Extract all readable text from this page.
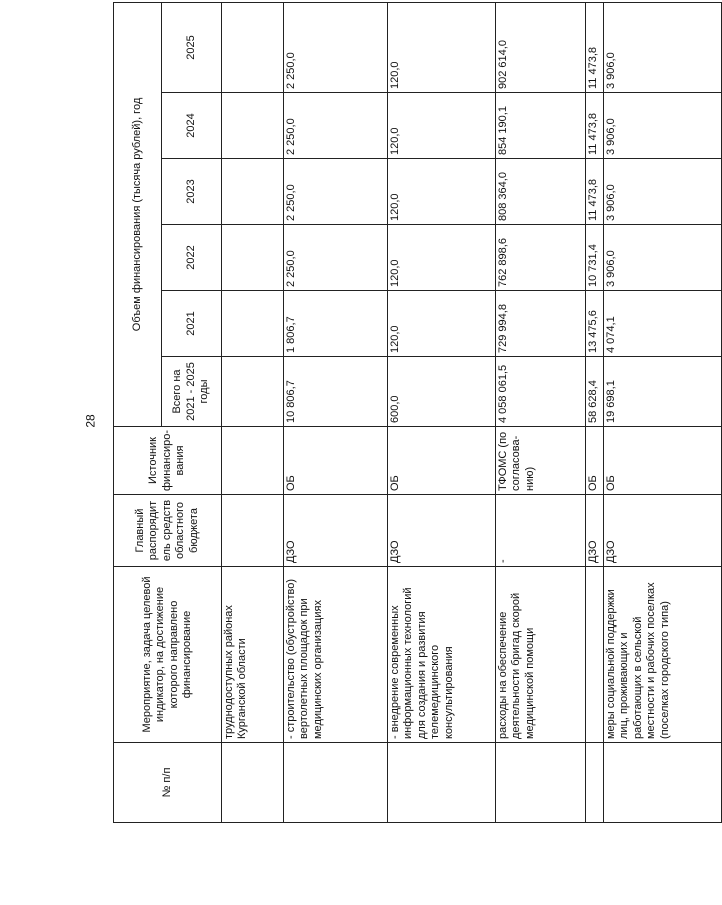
28
№ п/п	Мероприятие, задача целевой индикатор, на достижение которого направлено финансирование	Главный распорядитель средств областного бюджета	Источник финансиро-вания	Объем финансирования (тысяча рублей), год					
				Всего на 2021 - 2025 годы	2021	2022	2023	2024	2025
	труднодоступных районах Курганской области								
	- строительство (обустройство) вертолетных площадок при медицинских организациях	ДЗО	ОБ	10 806,7	1 806,7	2 250,0	2 250,0	2 250,0	2 250,0
	- внедрение современных информационных технологий для создания и развития телемедицинского консультирования	ДЗО	ОБ	600,0	120,0	120,0	120,0	120,0	120,0
	расходы на обеспечение деятельности бригад скорой медицинской помощи	-	ТФОМС (по согласова-нию)	4 058 061,5	729 994,8	762 898,6	808 364,0	854 190,1	902 614,0
		ДЗО	ОБ	58 628,4	13 475,6	10 731,4	11 473,8	11 473,8	11 473,8
	меры социальной поддержки лиц, проживающих и работающих в сельской местности и рабочих поселках (поселках городского типа)	ДЗО	ОБ	19 698,1	4 074,1	3 906,0	3 906,0	3 906,0	3 906,0
